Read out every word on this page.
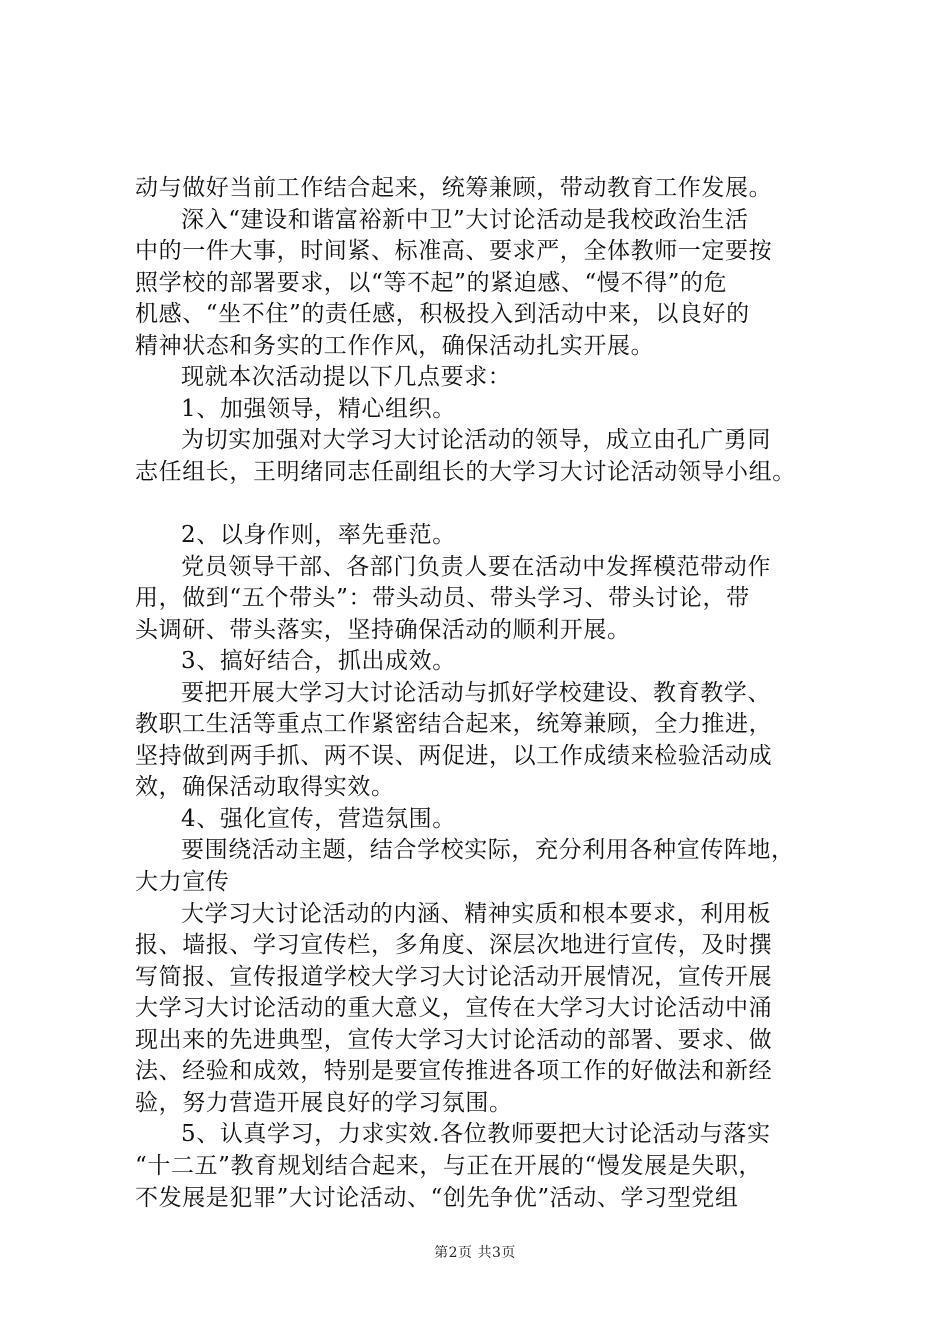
动与做好当前工作结合起来，统筹兼顾，带动教育工作发展。
深入“建设和谐富裕新中卫”大讨论活动是我校政治生活
中的一件大事，时间紧、标准高、要求严，全体教师一定要按
照学校的部署要求，以“等不起”的紧迫感、“慢不得”的危
机感、“坐不住”的责任感，积极投入到活动中来，以良好的
精神状态和务实的工作作风，确保活动扎实开展。
现就本次活动提以下几点要求：
1、加强领导，精心组织。
为切实加强对大学习大讨论活动的领导，成立由孔广勇同
志任组长，王明绪同志任副组长的大学习大讨论活动领导小组。
2、以身作则，率先垂范。
党员领导干部、各部门负责人要在活动中发挥模范带动作
用，做到“五个带头”：带头动员、带头学习、带头讨论，带
头调研、带头落实，坚持确保活动的顺利开展。
3、搞好结合，抓出成效。
要把开展大学习大讨论活动与抓好学校建设、教育教学、
教职工生活等重点工作紧密结合起来，统筹兼顾，全力推进，
坚持做到两手抓、两不误、两促进，以工作成绩来检验活动成
效，确保活动取得实效。
4、强化宣传，营造氛围。
要围绕活动主题，结合学校实际，充分利用各种宣传阵地，
大力宣传
大学习大讨论活动的内涵、精神实质和根本要求，利用板
报、墙报、学习宣传栏，多角度、深层次地进行宣传，及时撰
写简报、宣传报道学校大学习大讨论活动开展情况，宣传开展
大学习大讨论活动的重大意义，宣传在大学习大讨论活动中涌
现出来的先进典型，宣传大学习大讨论活动的部署、要求、做
法、经验和成效，特别是要宣传推进各项工作的好做法和新经
验，努力营造开展良好的学习氛围。
5、认真学习，力求实效.各位教师要把大讨论活动与落实
“十二五”教育规划结合起来，与正在开展的“慢发展是失职，
不发展是犯罪”大讨论活动、“创先争优”活动、学习型党组
第2页 共3页
